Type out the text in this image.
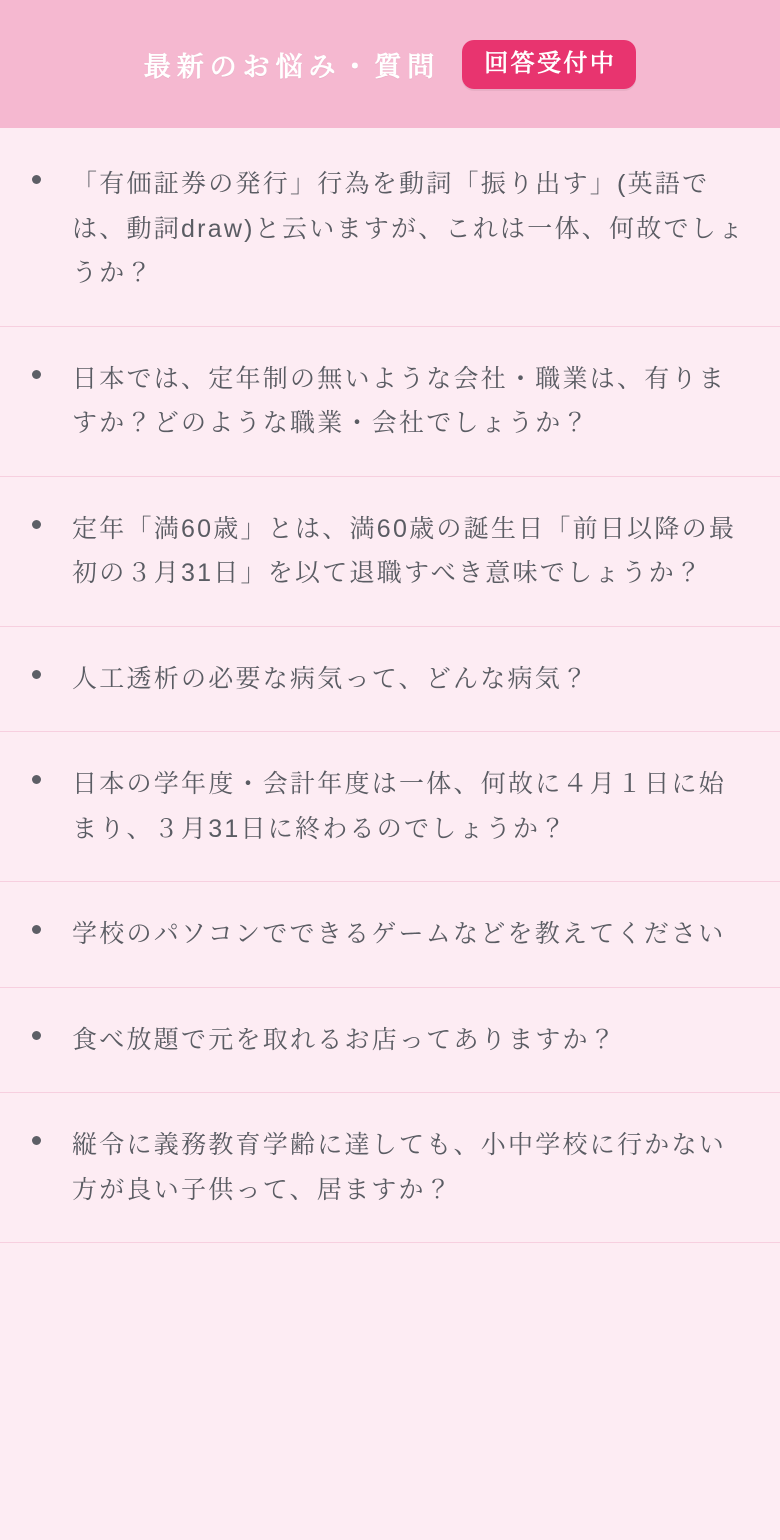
最新のお悩み・質問	回答受付中
「有価証券の発行」行為を動詞「振り出す」(英語では、動詞draw)と云いますが、これは一体、何故でしょうか？
日本では、定年制の無いような会社・職業は、有りますか？どのような職業・会社でしょうか？
定年「満60歳」とは、満60歳の誕生日「前日以降の最初の３月31日」を以て退職すべき意味でしょうか？
人工透析の必要な病気って、どんな病気？
日本の学年度・会計年度は一体、何故に４月１日に始まり、３月31日に終わるのでしょうか？
学校のパソコンでできるゲームなどを教えてください
食べ放題で元を取れるお店ってありますか？
縦令に義務教育学齢に達しても、小中学校に行かない方が良い子供って、居ますか？
